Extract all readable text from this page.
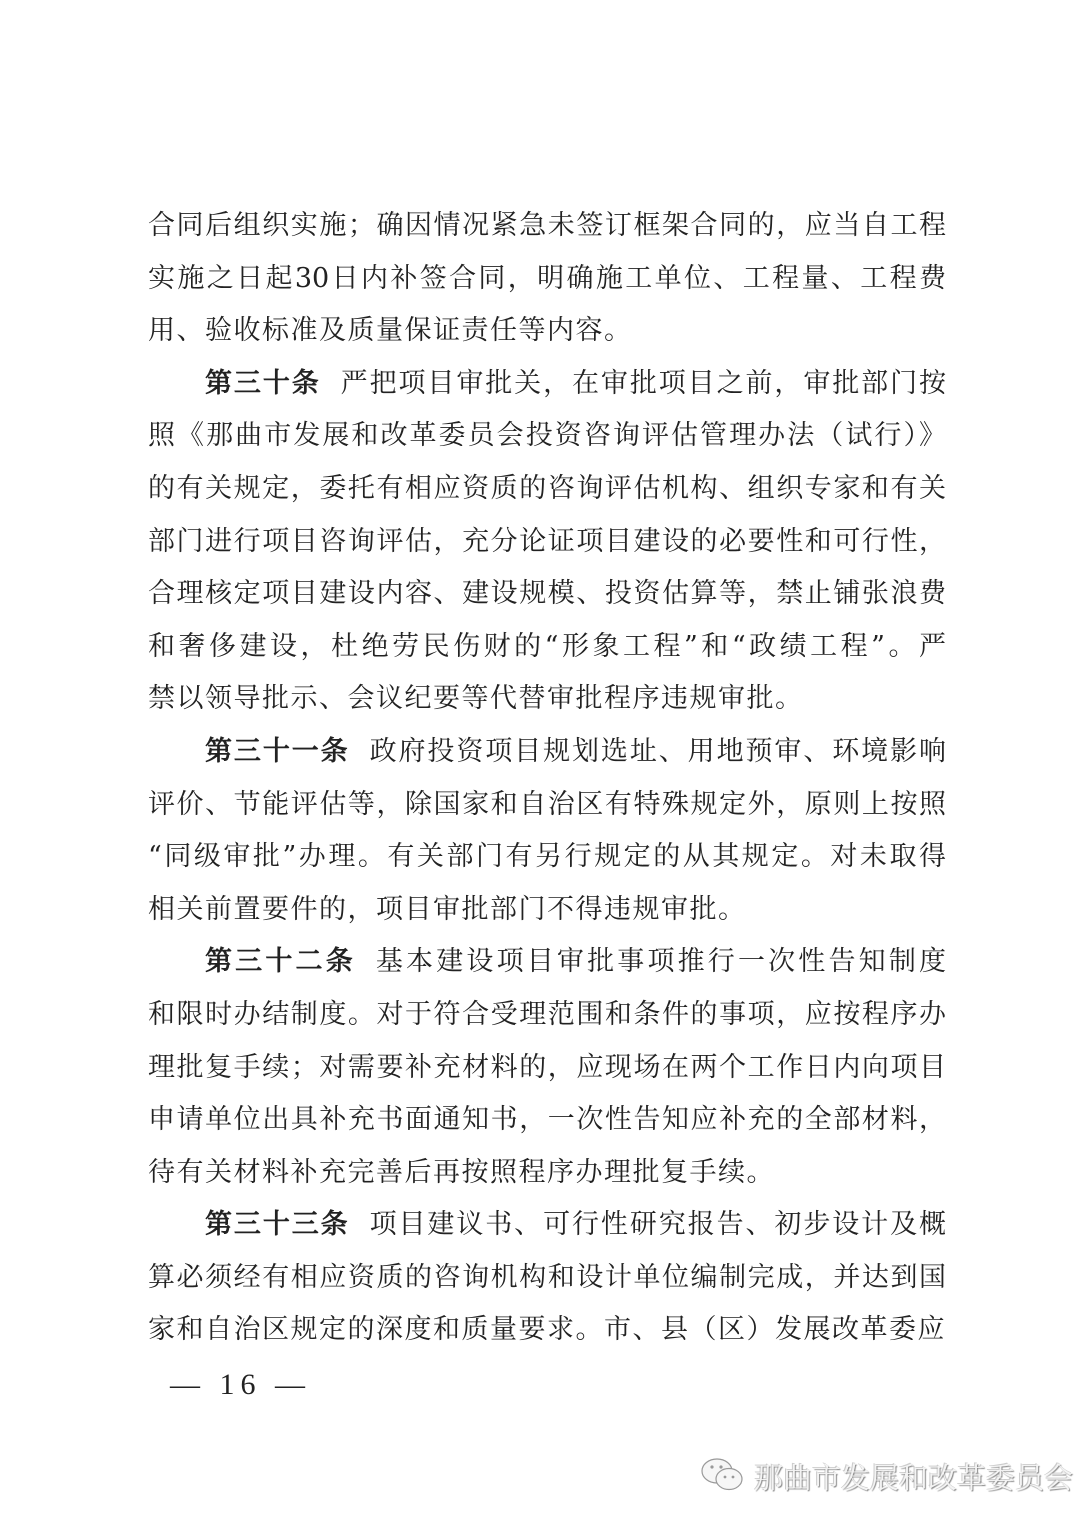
合同后组织实施；确因情况紧急未签订框架合同的，应当自工程
实施之日起30日内补签合同，明确施工单位、工程量、工程费
用、验收标准及质量保证责任等内容。
第三十条 严把项目审批关，在审批项目之前，审批部门按
照《那曲市发展和改革委员会投资咨询评估管理办法（试行）》
的有关规定，委托有相应资质的咨询评估机构、组织专家和有关
部门进行项目咨询评估，充分论证项目建设的必要性和可行性，
合理核定项目建设内容、建设规模、投资估算等，禁止铺张浪费
和奢侈建设，杜绝劳民伤财的“形象工程”和“政绩工程”。严
禁以领导批示、会议纪要等代替审批程序违规审批。
第三十一条 政府投资项目规划选址、用地预审、环境影响
评价、节能评估等，除国家和自治区有特殊规定外，原则上按照
“同级审批”办理。有关部门有另行规定的从其规定。对未取得
相关前置要件的，项目审批部门不得违规审批。
第三十二条 基本建设项目审批事项推行一次性告知制度
和限时办结制度。对于符合受理范围和条件的事项，应按程序办
理批复手续；对需要补充材料的，应现场在两个工作日内向项目
申请单位出具补充书面通知书，一次性告知应补充的全部材料，
待有关材料补充完善后再按照程序办理批复手续。
第三十三条 项目建议书、可行性研究报告、初步设计及概
算必须经有相应资质的咨询机构和设计单位编制完成，并达到国
家和自治区规定的深度和质量要求。市、县（区）发展改革委应
— 16 —
那曲市发展和改革委员会
